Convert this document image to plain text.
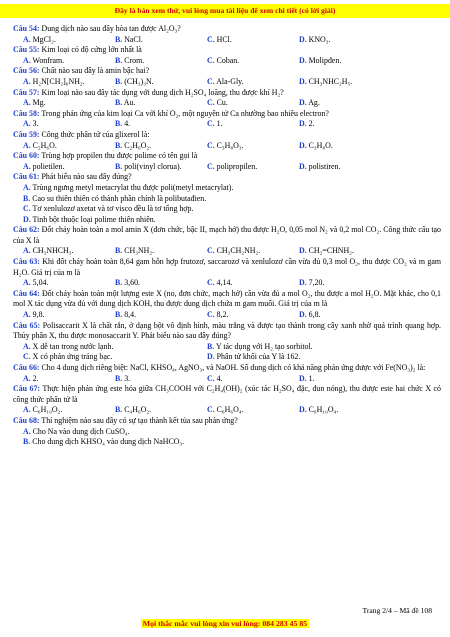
Đây là bản xem thử, vui lòng mua tài liệu để xem chi tiết (có lời giải)
Câu 54: Dung dịch nào sau đây hòa tan được Al₂O₃?
A. MgCl₂.	B. NaCl.	C. HCl.	D. KNO₃.
Câu 55: Kim loại có độ cứng lớn nhất là
A. Wonfram.	B. Crom.	C. Coban.	D. Molipđen.
Câu 56: Chất nào sau đây là amin bậc hai?
A. H₂N[CH₂]₆NH₂.	B. (CH₃)₃N.	C. Ala-Gly.	D. CH₃NHC₂H₅.
Câu 57: Kim loại nào sau đây tác dụng với dung dịch H₂SO₄ loãng, thu được khí H₂?
A. Mg.	B. Au.	C. Cu.	D. Ag.
Câu 58: Trong phản ứng của kim loại Ca với khí O₂, một nguyên tử Ca nhường bao nhiêu electron?
A. 3.	B. 4.	C. 1.	D. 2.
Câu 59: Công thức phân tử của glixerol là:
A. C₂H₆O.	B. C₂H₆O₂.	C. C₃H₈O₃.	D. C₃H₈O.
Câu 60: Trùng hợp propilen thu được polime có tên gọi là
A. polietilen.	B. poli(vinyl clorua).	C. polipropilen.	D. polistiren.
Câu 61: Phát biểu nào sau đây đúng?
A. Trùng ngưng metyl metacrylat thu được poli(metyl metacrylat).
B. Cao su thiên thiên có thành phần chính là polibutađien.
C. Tơ xenlulozơ axetat và tơ visco đều là tơ tổng hợp.
D. Tinh bột thuộc loại polime thiên nhiên.
Câu 62: Đốt cháy hoàn toàn a mol amin X (đơn chức, bậc II, mạch hở) thu được H₂O, 0,05 mol N₂ và 0,2 mol CO₂. Công thức cấu tạo của X là
A. CH₃NHCH₃.	B. CH₃NH₂.	C. CH₃CH₂NH₂.	D. CH₂=CHNH₂.
Câu 63: Khi đốt cháy hoàn toàn 8,64 gam hỗn hợp frutozơ, saccarozơ và xenlulozơ cần vừa đủ 0,3 mol O₂, thu được CO₂ và m gam H₂O. Giá trị của m là
A. 5,04.	B. 3,60.	C. 4,14.	D. 7,20.
Câu 64: Đốt cháy hoàn toàn một lượng este X (no, đơn chức, mạch hở) cần vừa đủ a mol O₂, thu được a mol H₂O. Mặt khác, cho 0,1 mol X tác dụng vừa đủ với dung dịch KOH, thu được dung dịch chứa m gam muối. Giá trị của m là
A. 9,8.	B. 8,4.	C. 8,2.	D. 6,8.
Câu 65: Polisaccarit X là chất rắn, ở dạng bột vô định hình, màu trắng và được tạo thành trong cây xanh nhờ quá trình quang hợp. Thủy phân X, thu được monosaccarit Y. Phát biểu nào sau đây đúng?
A. X dễ tan trong nước lạnh.	B. Y tác dụng với H₂ tạo sorbitol.
C. X có phản ứng tráng bạc.	D. Phân tử khối của Y là 162.
Câu 66: Cho 4 dung dịch riêng biệt: NaCl, KHSO₄, AgNO₃, và NaOH. Số dung dịch có khả năng phản ứng được với Fe(NO₃)₂ là:
A. 2.	B. 3.	C. 4.	D. 1.
Câu 67: Thực hiện phản ứng este hóa giữa CH₃COOH với C₂H₄(OH)₂ (xúc tác H₂SO₄ đặc, đun nóng), thu được este hai chức X có công thức phân tử là
A. C₆H₁₀O₂.	B. C₄H₆O₂.	C. C₆H₆O₄.	D. C₆H₁₀O₄.
Câu 68: Thí nghiệm nào sau đây có sự tạo thành kết tủa sau phản ứng?
A. Cho Na vào dung dịch CuSO₄.
B. Cho dung dịch KHSO₄ vào dung dịch NaHCO₃.
Trang 2/4 – Mã đề 108
Mọi thắc mắc vui lòng xin vui lòng: 084 283 45 85
